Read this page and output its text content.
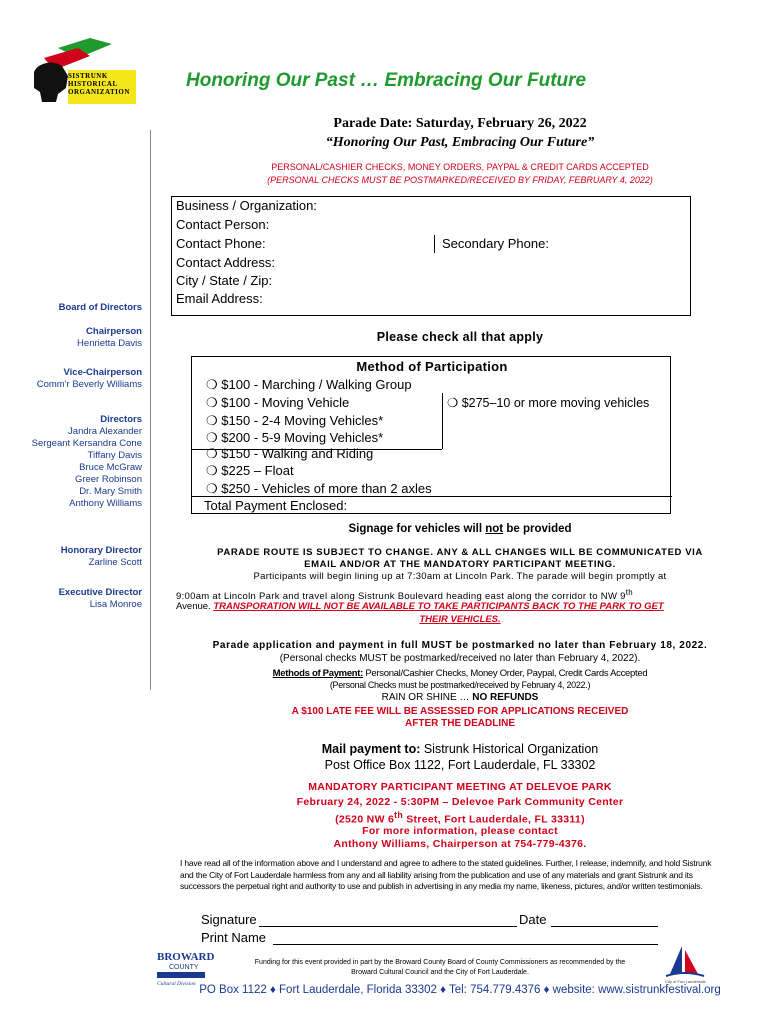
SISTRUNK
HISTORICAL
ORGANIZATION
Honoring Our Past … Embracing Our Future
Parade Date: Saturday, February 26, 2022
“Honoring Our Past, Embracing Our Future”
PERSONAL/CASHIER CHECKS, MONEY ORDERS, PAYPAL & CREDIT CARDS ACCEPTED
(PERSONAL CHECKS MUST BE POSTMARKED/RECEIVED BY FRIDAY, FEBRUARY 4, 2022)
Board of Directors
Chairperson
Henrietta Davis
Vice-Chairperson
Comm'r Beverly Williams
Directors
Jandra Alexander
Sergeant Kersandra Cone
Tiffany Davis
Bruce McGraw
Greer Robinson
Dr. Mary Smith
Anthony Williams
Honorary Director
Zarline Scott
Executive Director
Lisa Monroe
Business / Organization:
Contact Person:
Contact Phone:	Secondary Phone:
Contact Address:
City / State / Zip:
Email Address:
Please check all that apply
Method of Participation
❍ $100 - Marching / Walking Group
❍ $100 - Moving Vehicle
❍ $150 - 2-4 Moving Vehicles*
❍ $200 - 5-9 Moving Vehicles*
❍ $275–10 or more moving vehicles
❍ $150 - Walking and Riding
❍ $225 – Float
❍ $250 - Vehicles of more than 2 axles
Total Payment Enclosed:
Signage for vehicles will not be provided
PARADE ROUTE IS SUBJECT TO CHANGE. ANY & ALL CHANGES WILL BE COMMUNICATED VIA
EMAIL AND/OR AT THE MANDATORY PARTICIPANT MEETING.
Participants will begin lining up at 7:30am at Lincoln Park. The parade will begin promptly at
9:00am at Lincoln Park and travel along Sistrunk Boulevard heading east along the corridor to NW 9th
Avenue. TRANSPORATION WILL NOT BE AVAILABLE TO TAKE PARTICIPANTS BACK TO THE PARK TO GET
THEIR VEHICLES.
Parade application and payment in full MUST be postmarked no later than February 18, 2022.
(Personal checks MUST be postmarked/received no later than February 4, 2022).
Methods of Payment: Personal/Cashier Checks, Money Order, Paypal, Credit Cards Accepted
(Personal Checks must be postmarked/received by February 4, 2022.)
RAIN OR SHINE … NO REFUNDS
A $100 LATE FEE WILL BE ASSESSED FOR APPLICATIONS RECEIVED
AFTER THE DEADLINE
Mail payment to: Sistrunk Historical Organization
Post Office Box 1122, Fort Lauderdale, FL 33302
MANDATORY PARTICIPANT MEETING AT DELEVOE PARK
February 24, 2022 - 5:30PM – Delevoe Park Community Center
(2520 NW 6th Street, Fort Lauderdale, FL 33311)
For more information, please contact
Anthony Williams, Chairperson at 754-779-4376.
I have read all of the information above and I understand and agree to adhere to the stated guidelines. Further, I release, indemnify, and hold Sistrunk and the City of Fort Lauderdale harmless from any and all liability arising from the publication and use of any materials and grant Sistrunk and its successors the perpetual right and authority to use and publish in advertising in any media my name, likeness, pictures, and/or written testimonials.
Signature	Date
Print Name
BROWARD
COUNTY
Cultural Division
Funding for this event provided in part by the Broward County Board of County Commissioners as recommended by the
Broward Cultural Council and the City of Fort Lauderdale.
City of Fort Lauderdale
PO Box 1122 ♦ Fort Lauderdale, Florida 33302 ♦ Tel: 754.779.4376 ♦ website: www.sistrunkfestival.org
